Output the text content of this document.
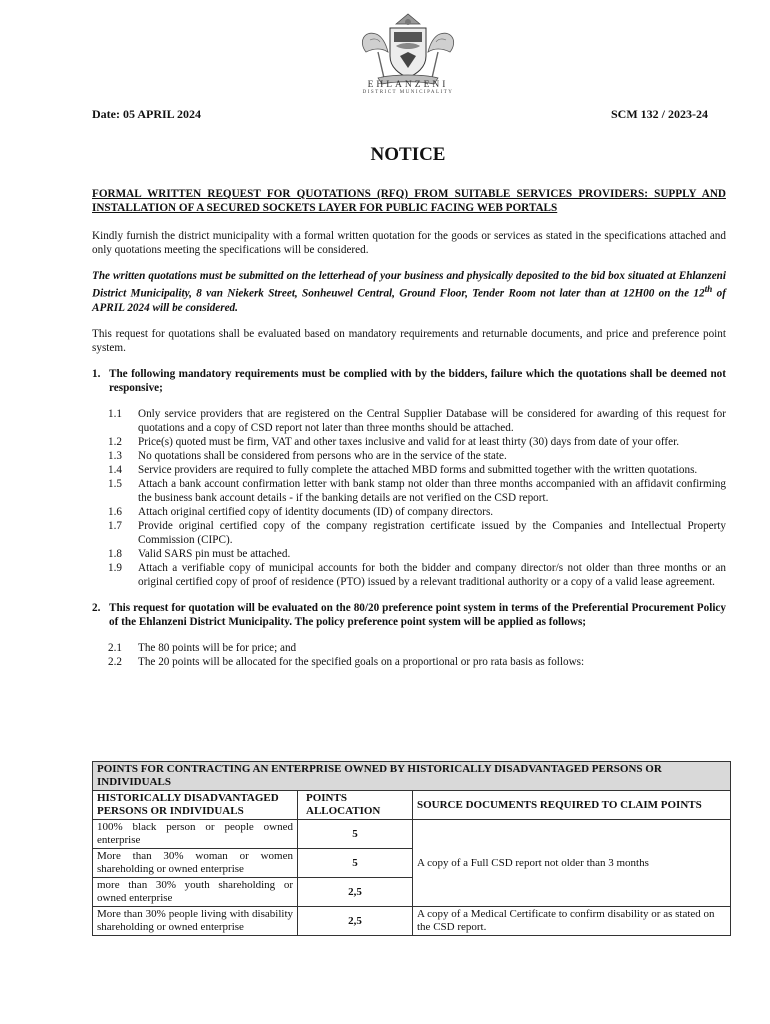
EHLANZENI
DISTRICT MUNICIPALITY
Date: 05 APRIL 2024	SCM 132 / 2023-24
NOTICE
FORMAL WRITTEN REQUEST FOR QUOTATIONS (RFQ) FROM SUITABLE SERVICES PROVIDERS: SUPPLY AND INSTALLATION OF A SECURED SOCKETS LAYER FOR PUBLIC FACING WEB PORTALS

Kindly furnish the district municipality with a formal written quotation for the goods or services as stated in the specifications attached and only quotations meeting the specifications will be considered.

The written quotations must be submitted on the letterhead of your business and physically deposited to the bid box situated at Ehlanzeni District Municipality, 8 van Niekerk Street, Sonheuwel Central, Ground Floor, Tender Room not later than at 12H00 on the 12th of APRIL 2024 will be considered.

This request for quotations shall be evaluated based on mandatory requirements and returnable documents, and price and preference point system.

1. The following mandatory requirements must be complied with by the bidders, failure which the quotations shall be deemed not responsive;
1.1	Only service providers that are registered on the Central Supplier Database will be considered for awarding of this request for quotations and a copy of CSD report not later than three months should be attached.
1.2	Price(s) quoted must be firm, VAT and other taxes inclusive and valid for at least thirty (30) days from date of your offer.
1.3	No quotations shall be considered from persons who are in the service of the state.
1.4	Service providers are required to fully complete the attached MBD forms and submitted together with the written quotations.
1.5	Attach a bank account confirmation letter with bank stamp not older than three months accompanied with an affidavit confirming the business bank account details - if the banking details are not verified on the CSD report.
1.6	Attach original certified copy of identity documents (ID) of company directors.
1.7	Provide original certified copy of the company registration certificate issued by the Companies and Intellectual Property Commission (CIPC).
1.8	Valid SARS pin must be attached.
1.9	Attach a verifiable copy of municipal accounts for both the bidder and company director/s not older than three months or an original certified copy of proof of residence (PTO) issued by a relevant traditional authority or a copy of a valid lease agreement.
2. This request for quotation will be evaluated on the 80/20 preference point system in terms of the Preferential Procurement Policy of the Ehlanzeni District Municipality. The policy preference point system will be applied as follows;
2.1	The 80 points will be for price; and
2.2	The 20 points will be allocated for the specified goals on a proportional or pro rata basis as follows:
POINTS FOR CONTRACTING AN ENTERPRISE OWNED BY HISTORICALLY DISADVANTAGED PERSONS OR INDIVIDUALS		
HISTORICALLY DISADVANTAGED PERSONS OR INDIVIDUALS	POINTS ALLOCATION	SOURCE DOCUMENTS REQUIRED TO CLAIM POINTS
100% black person or people owned enterprise	5	A copy of a Full CSD report not older than 3 months
More than 30% woman or women shareholding or owned enterprise	5	
more than 30% youth shareholding or owned enterprise	2,5	
More than 30% people living with disability shareholding or owned enterprise	2,5	A copy of a Medical Certificate to confirm disability or as stated on the CSD report.
